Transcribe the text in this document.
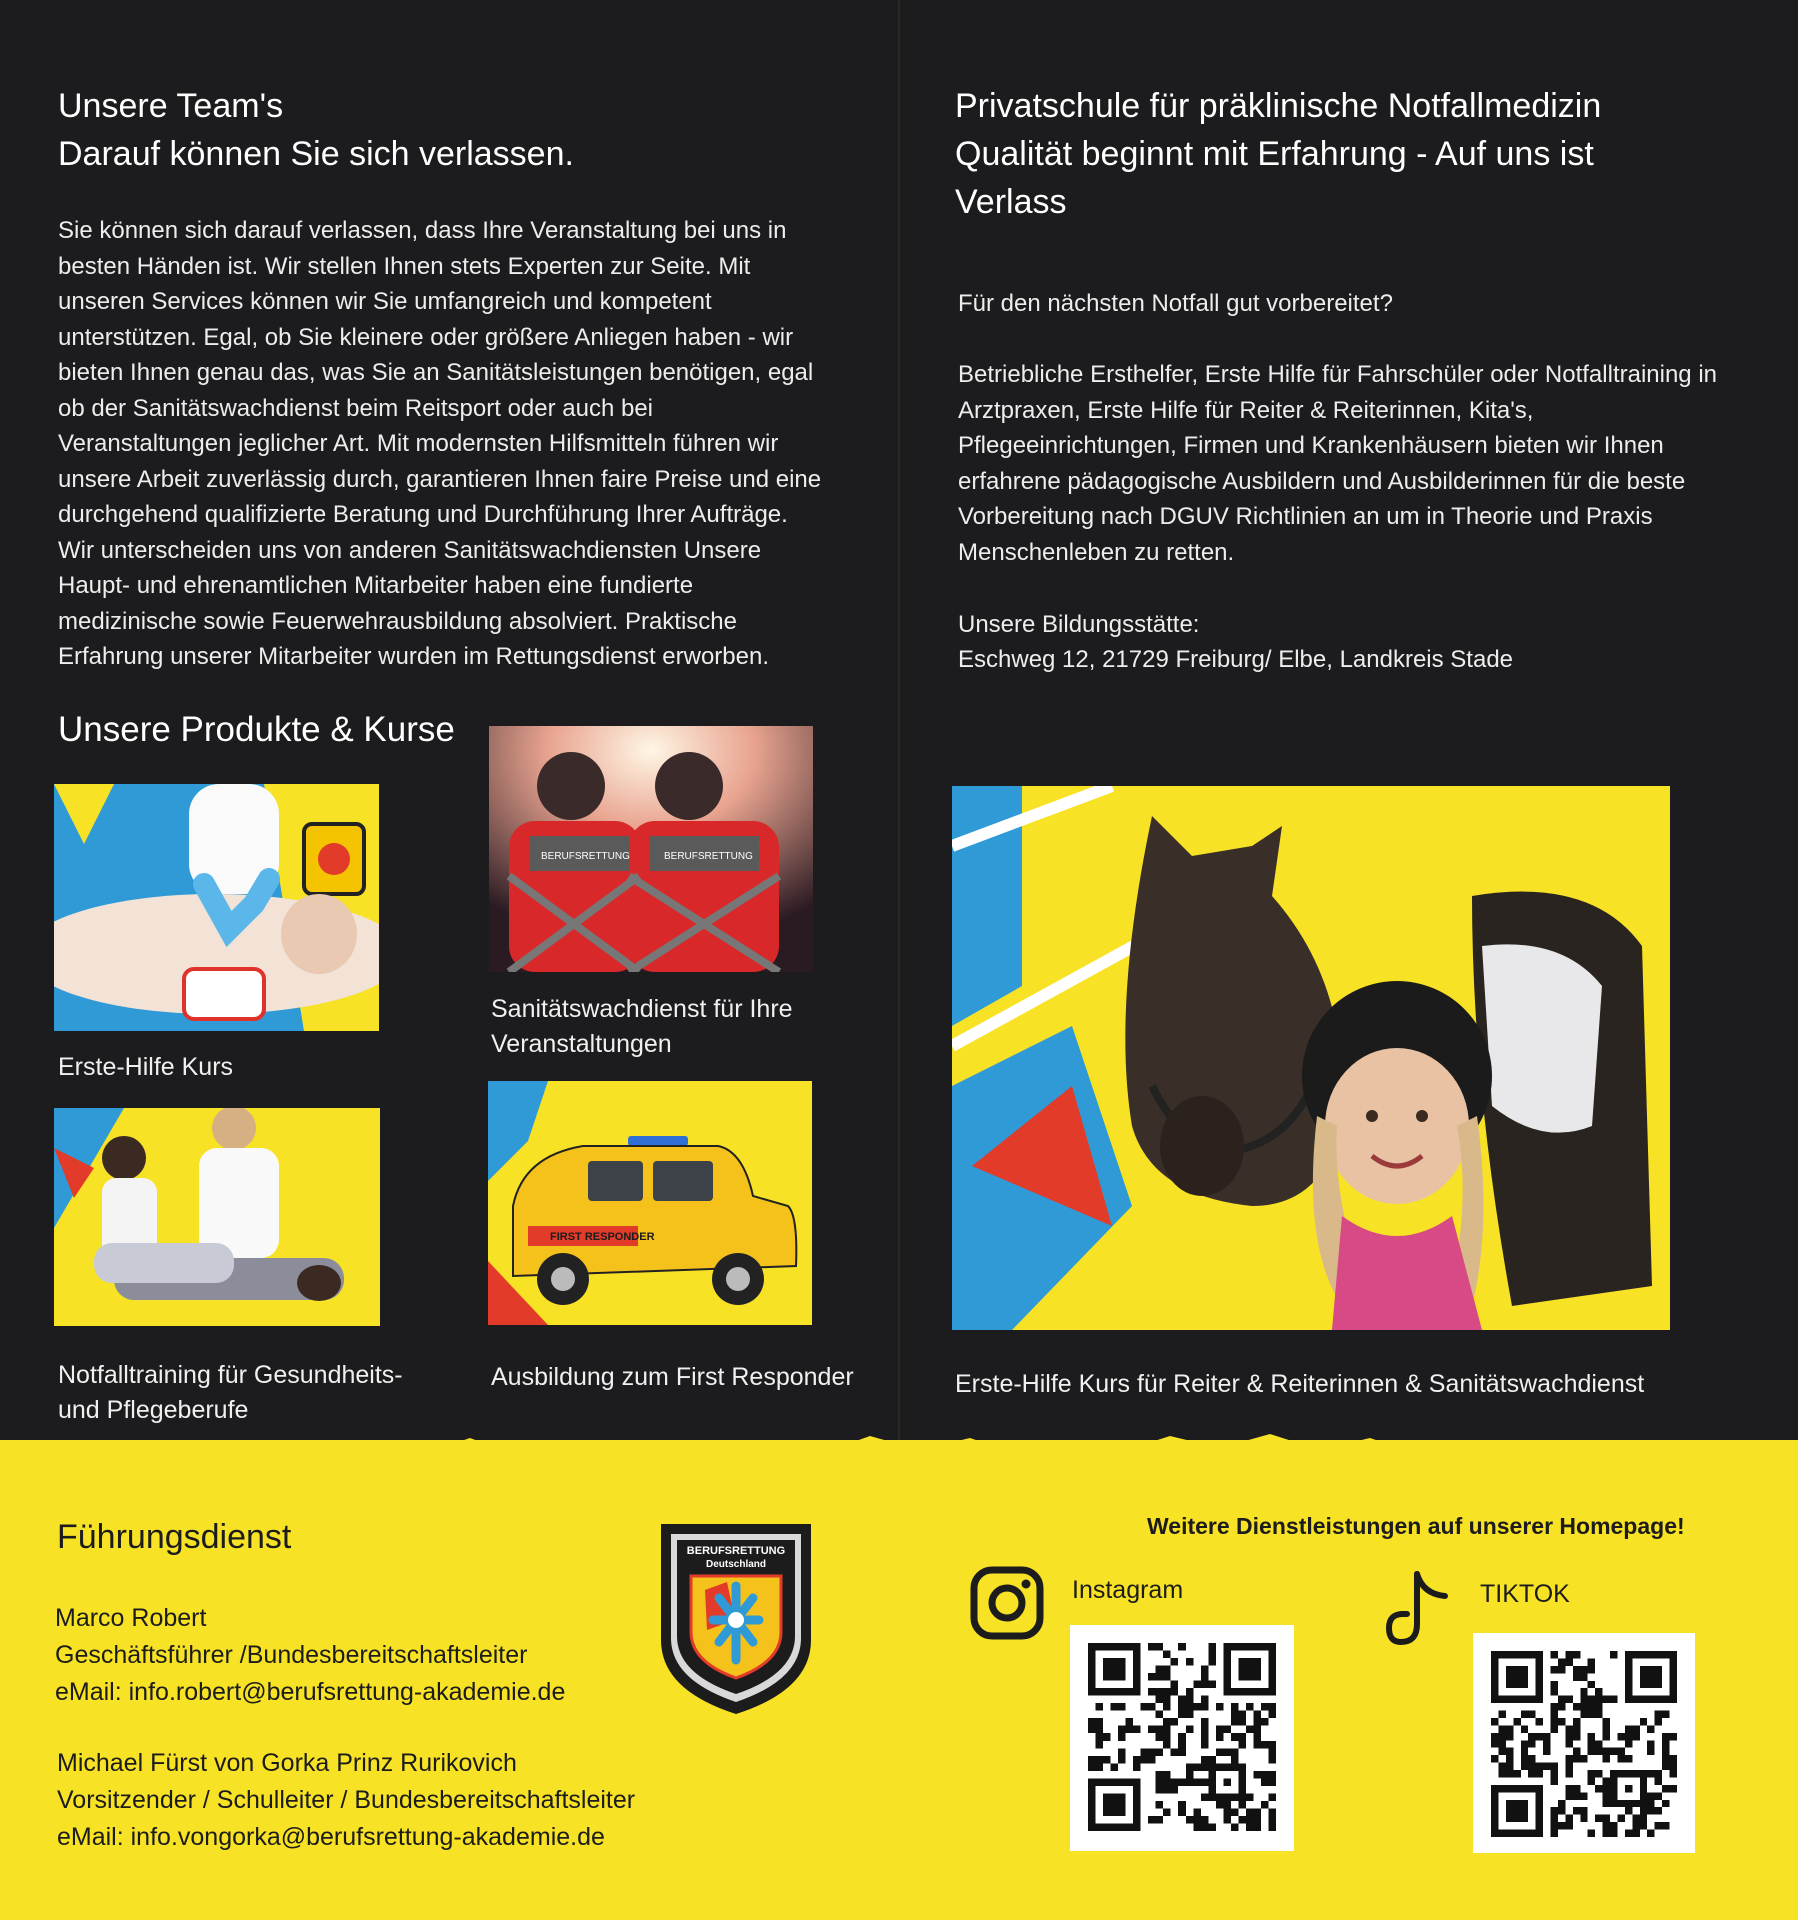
Unsere Team's
Darauf können Sie sich verlassen.

Sie können sich darauf verlassen, dass Ihre Veranstaltung bei uns in besten Händen ist. Wir stellen Ihnen stets Experten zur Seite. Mit unseren Services können wir Sie umfangreich und kompetent unterstützen. Egal, ob Sie kleinere oder größere Anliegen haben - wir bieten Ihnen genau das, was Sie an Sanitätsleistungen benötigen, egal ob der Sanitätswachdienst beim Reitsport oder auch bei Veranstaltungen jeglicher Art. Mit modernsten Hilfsmitteln führen wir unsere Arbeit zuverlässig durch, garantieren Ihnen faire Preise und eine durchgehend qualifizierte Beratung und Durchführung Ihrer Aufträge. Wir unterscheiden uns von anderen Sanitätswachdiensten Unsere Haupt- und ehrenamtlichen Mitarbeiter haben eine fundierte medizinische sowie Feuerwehrausbildung absolviert. Praktische Erfahrung unserer Mitarbeiter wurden im Rettungsdienst erworben.

Unsere Produkte & Kurse
Erste-Hilfe Kurs
BERUFSRETTUNG	BERUFSRETTUNG
Sanitätswachdienst für Ihre Veranstaltungen
Notfalltraining für Gesundheits- und Pflegeberufe
FIRST RESPONDER
Ausbildung zum First Responder
Privatschule für präklinische Notfallmedizin Qualität beginnt mit Erfahrung - Auf uns ist Verlass

Für den nächsten Notfall gut vorbereitet?

Betriebliche Ersthelfer, Erste Hilfe für Fahrschüler oder Notfalltraining in Arztpraxen, Erste Hilfe für Reiter & Reiterinnen, Kita's, Pflegeeinrichtungen, Firmen und Krankenhäusern bieten wir Ihnen erfahrene pädagogische Ausbildern und Ausbilderinnen für die beste Vorbereitung nach DGUV Richtlinien an um in Theorie und Praxis Menschenleben zu retten.

Unsere Bildungsstätte:

Eschweg 12, 21729 Freiburg/ Elbe, Landkreis Stade

Erste-Hilfe Kurs für Reiter & Reiterinnen & Sanitätswachdienst
Führungsdienst
Marco Robert
Geschäftsführer /Bundesbereitschaftsleiter
eMail: info.robert@berufsrettung-akademie.de
Michael Fürst von Gorka Prinz Rurikovich
Vorsitzender / Schulleiter / Bundesbereitschaftsleiter
eMail: info.vongorka@berufsrettung-akademie.de
BERUFSRETTUNG
Deutschland
Weitere Dienstleistungen auf unserer Homepage!
Instagram	TIKTOK
